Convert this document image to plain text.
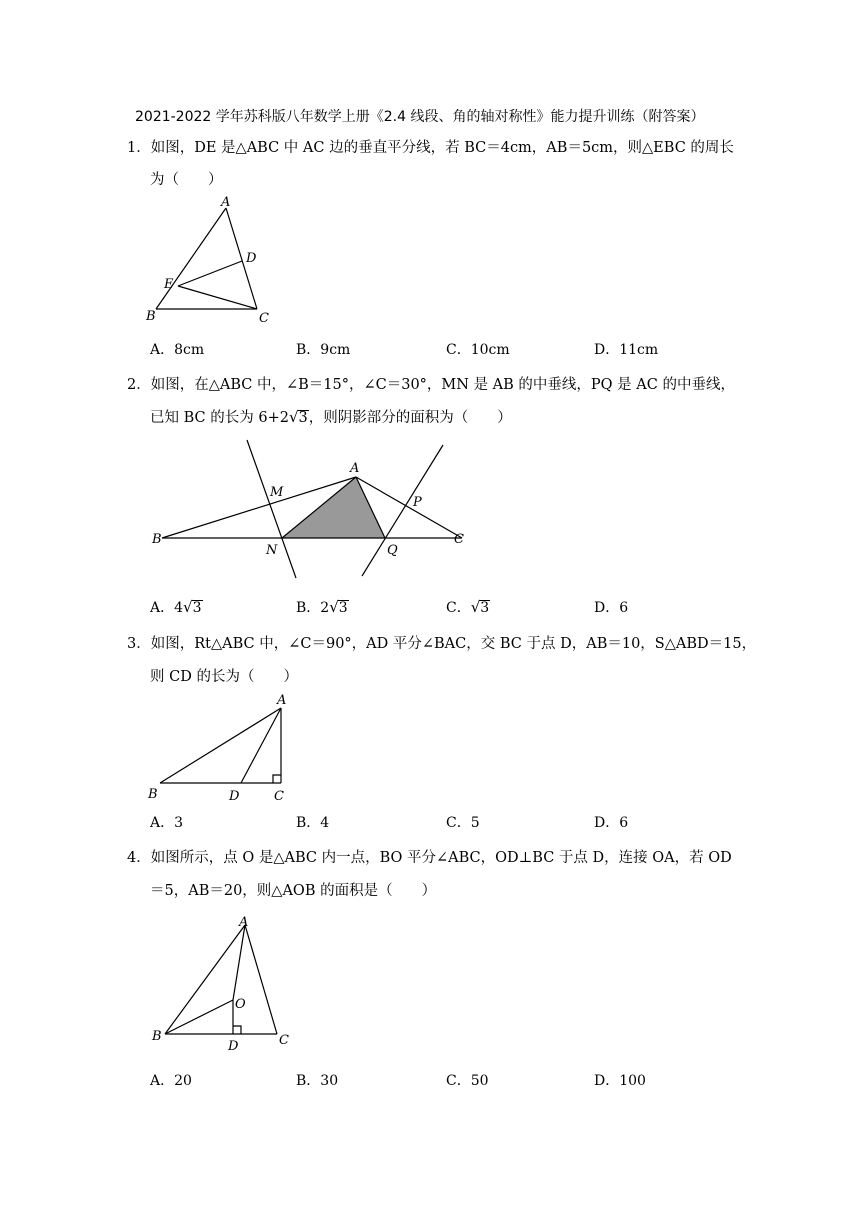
2021-2022 学年苏科版八年数学上册《2.4 线段、角的轴对称性》能力提升训练（附答案）
1．如图，DE 是△ABC 中 AC 边的垂直平分线，若 BC＝4cm，AB＝5cm，则△EBC 的周长
为（　　）
A
D
E
B	C
A．8cm	B．9cm	C．10cm	D．11cm
2．如图，在△ABC 中，∠B＝15°，∠C＝30°，MN 是 AB 的中垂线，PQ 是 AC 的中垂线，
已知 BC 的长为 6+2√3，则阴影部分的面积为（　　）
A
M
B
N
P
Q
C
A．4√3	B．2√3	C．√3	D．6
3．如图，Rt△ABC 中，∠C＝90°，AD 平分∠BAC，交 BC 于点 D，AB＝10，S△ABD＝15，
则 CD 的长为（　　）
A
B	D	C
A．3	B．4	C．5	D．6
4．如图所示，点 O 是△ABC 内一点，BO 平分∠ABC，OD⊥BC 于点 D，连接 OA，若 OD
＝5，AB＝20，则△AOB 的面积是（　　）
A
O
B
D	C
A．20	B．30	C．50	D．100
